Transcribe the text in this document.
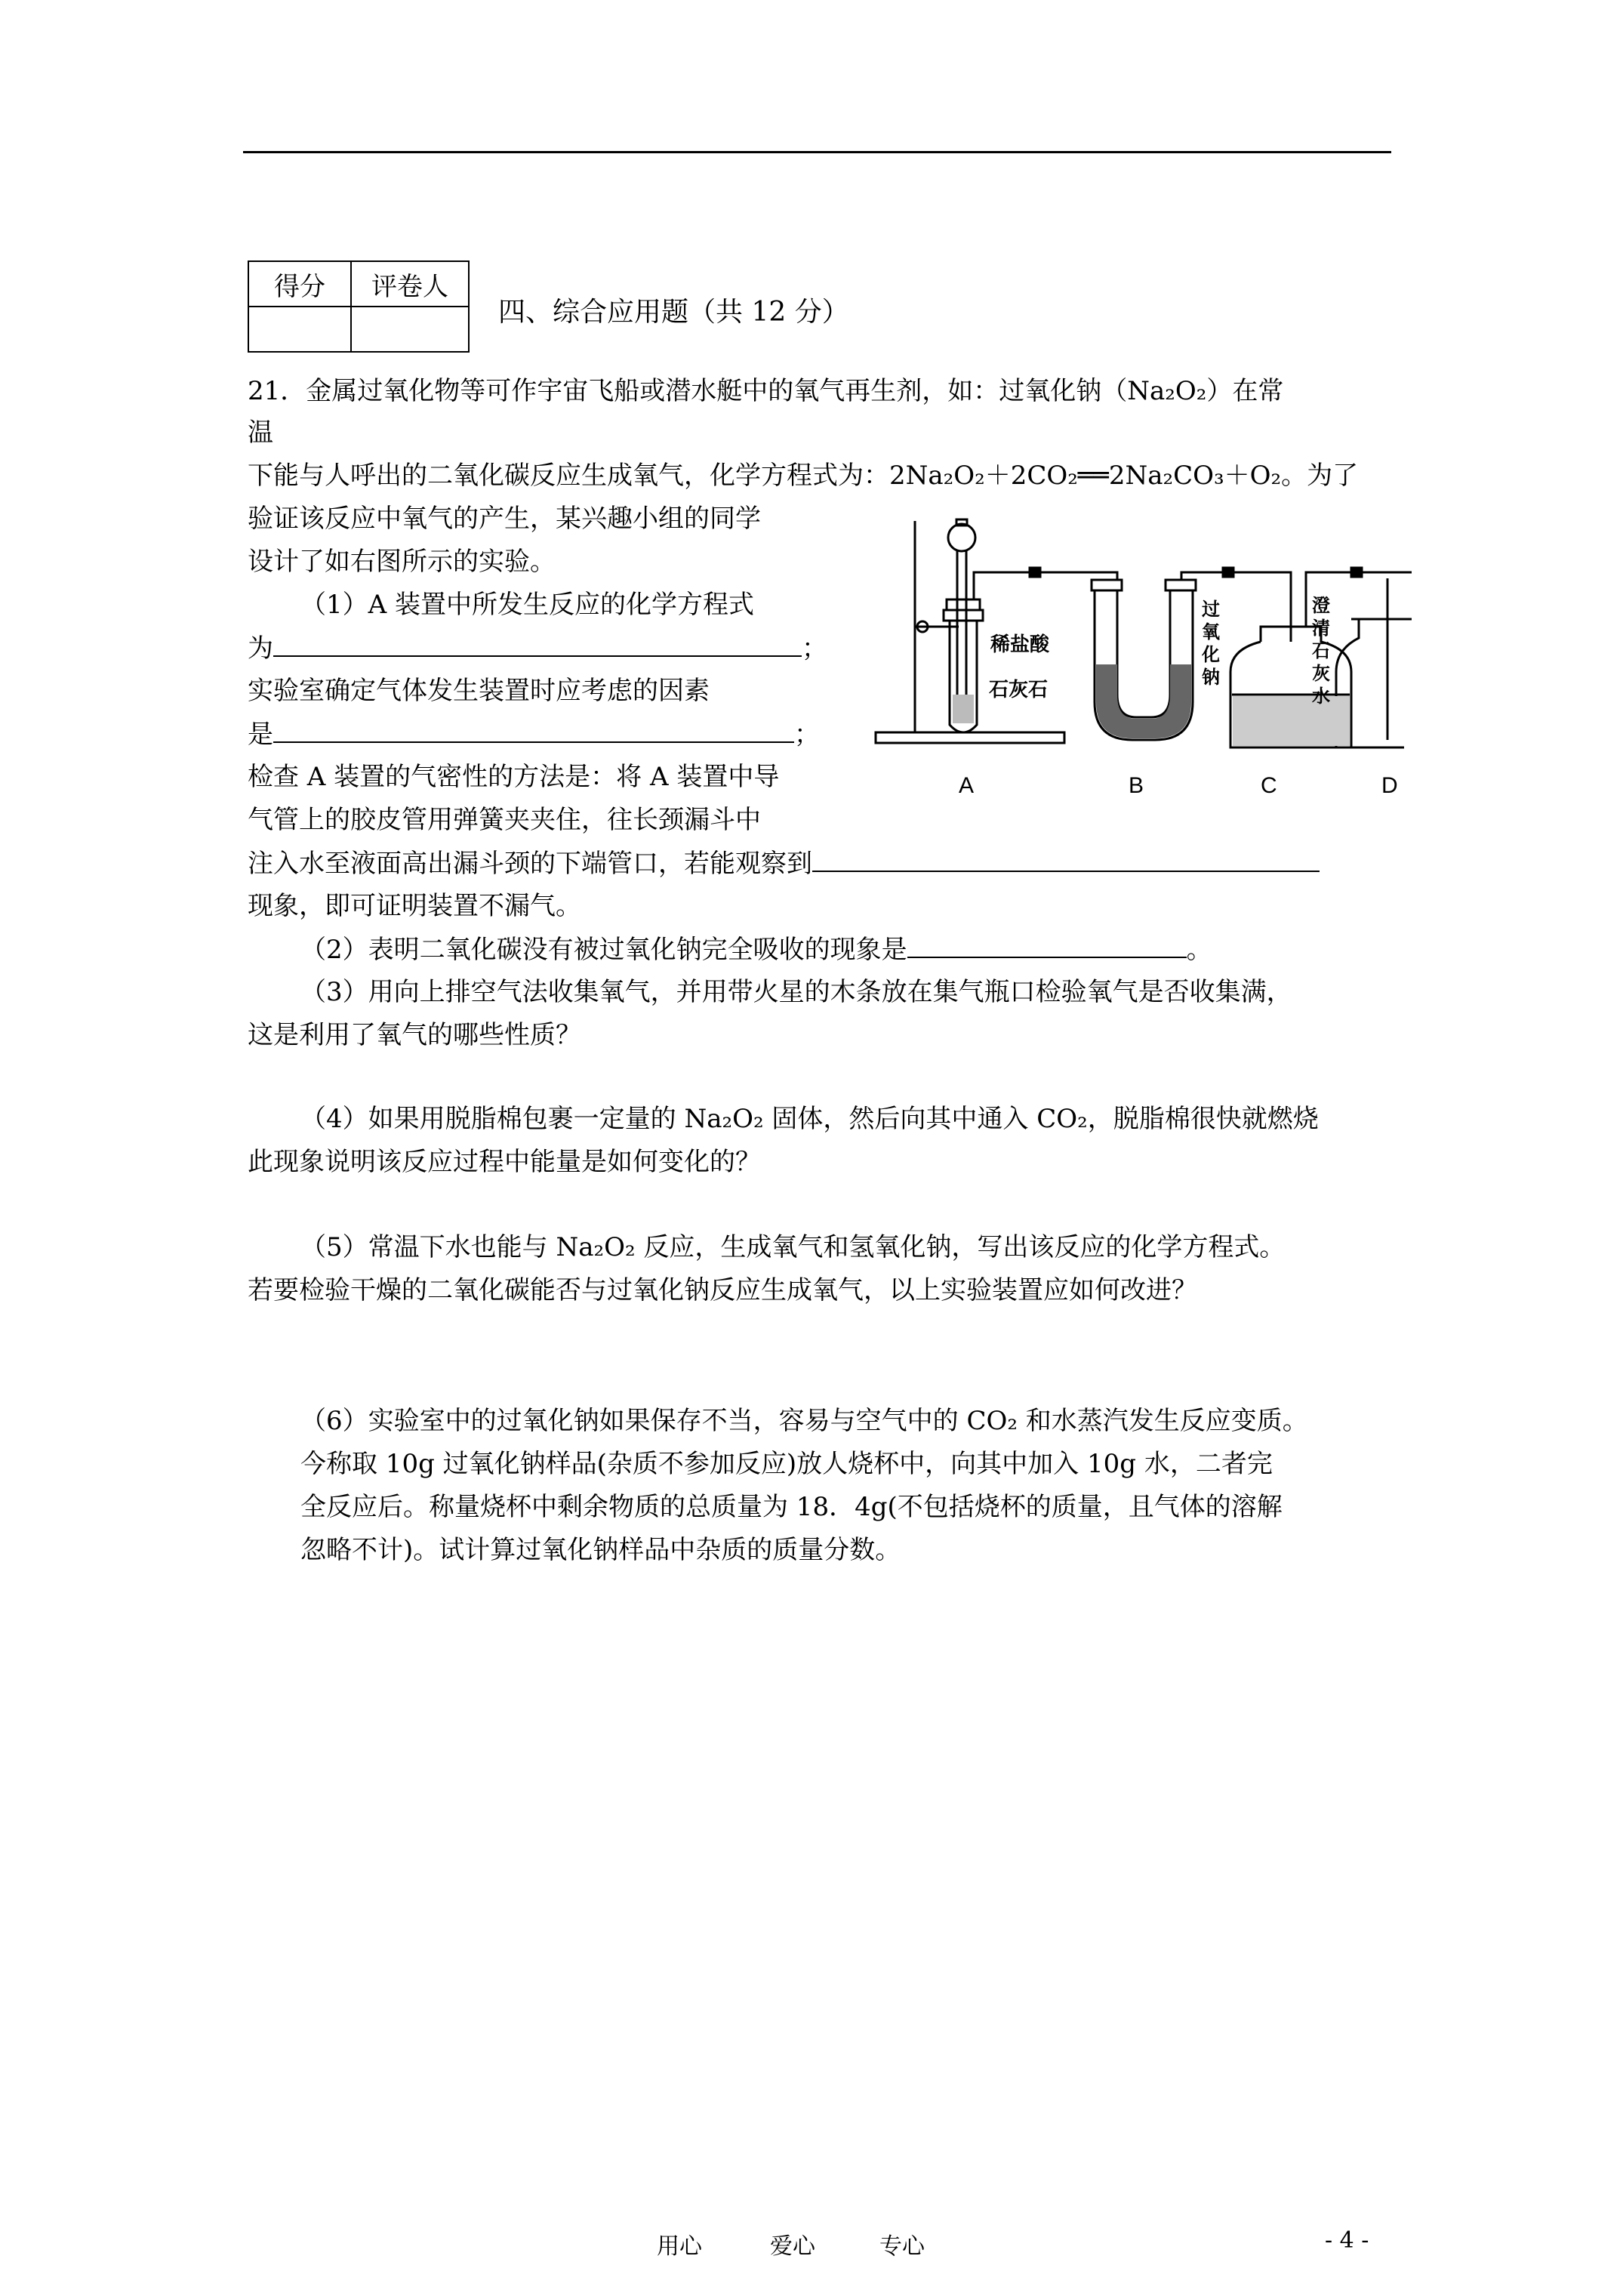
得分	评卷人

四、综合应用题（共 12 分）
21．金属过氧化物等可作宇宙飞船或潜水艇中的氧气再生剂，如：过氧化钠（Na₂O₂）在常
温
下能与人呼出的二氧化碳反应生成氧气，化学方程式为：2Na₂O₂＋2CO₂══2Na₂CO₃＋O₂。为了
验证该反应中氧气的产生，某兴趣小组的同学
设计了如右图所示的实验。
（1）A 装置中所发生反应的化学方程式
为	；
实验室确定气体发生装置时应考虑的因素
是	；
检查 A 装置的气密性的方法是：将 A 装置中导
气管上的胶皮管用弹簧夹夹住，往长颈漏斗中
注入水至液面高出漏斗颈的下端管口，若能观察到
现象，即可证明装置不漏气。
（2）表明二氧化碳没有被过氧化钠完全吸收的现象是	。
（3）用向上排空气法收集氧气，并用带火星的木条放在集气瓶口检验氧气是否收集满，
这是利用了氧气的哪些性质？
（4）如果用脱脂棉包裹一定量的 Na₂O₂ 固体，然后向其中通入 CO₂，脱脂棉很快就燃烧
此现象说明该反应过程中能量是如何变化的？
（5）常温下水也能与 Na₂O₂ 反应，生成氧气和氢氧化钠，写出该反应的化学方程式。
若要检验干燥的二氧化碳能否与过氧化钠反应生成氧气，以上实验装置应如何改进？
（6）实验室中的过氧化钠如果保存不当，容易与空气中的 CO₂ 和水蒸汽发生反应变质。
今称取 10g 过氧化钠样品(杂质不参加反应)放人烧杯中，向其中加入 10g 水，二者完
全反应后。称量烧杯中剩余物质的总质量为 18．4g(不包括烧杯的质量，且气体的溶解
忽略不计)。试计算过氧化钠样品中杂质的质量分数。
稀盐酸
石灰石
过
氧
化
钠
澄
清
石
灰
水
A	B	C	D
用心	爱心	专心	- 4 -
